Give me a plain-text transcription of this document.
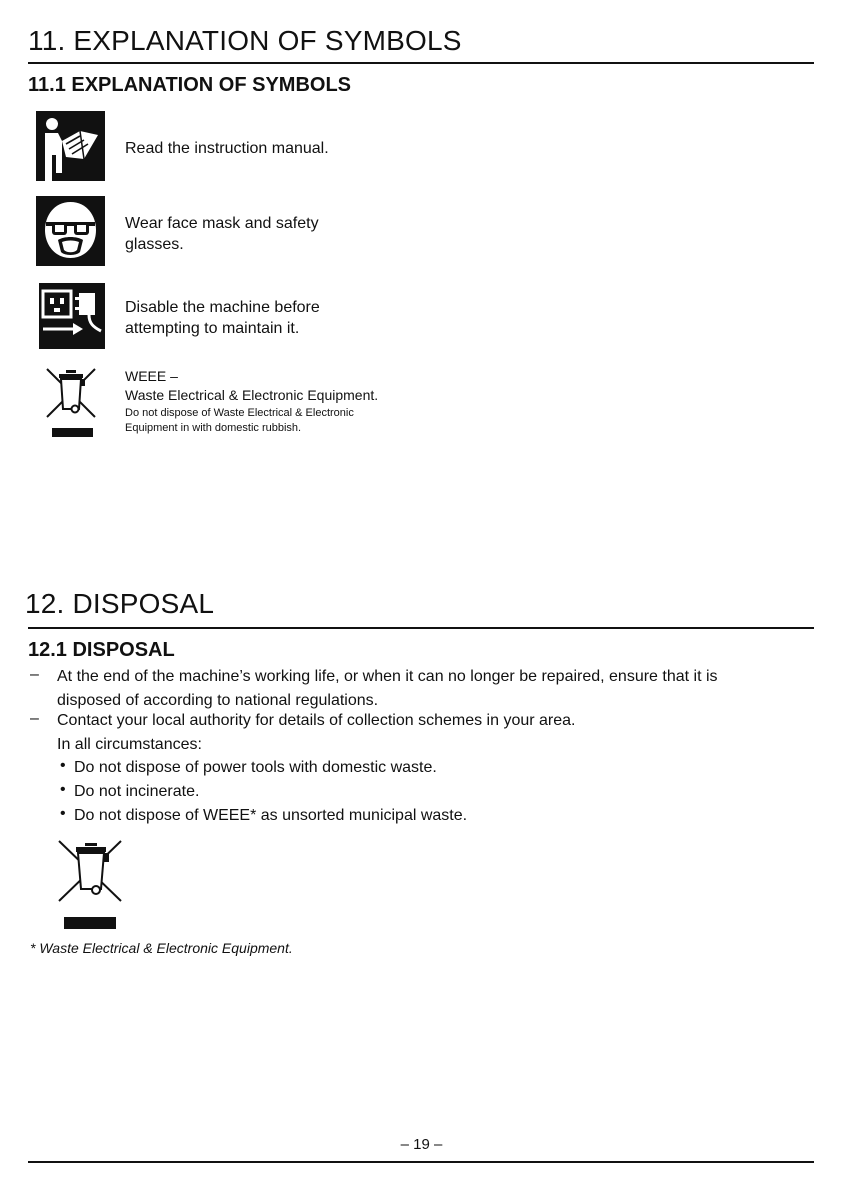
11. EXPLANATION OF SYMBOLS
11.1 EXPLANATION OF SYMBOLS
Read the instruction manual.
Wear face mask and safety
glasses.
Disable the machine before
attempting to maintain it.
WEEE –
Waste Electrical & Electronic Equipment.
Do not dispose of Waste Electrical & Electronic
Equipment in with domestic rubbish.
12. DISPOSAL
12.1 DISPOSAL
– At the end of the machine’s working life, or when it can no longer be repaired, ensure that it is
disposed of according to national regulations.
– Contact your local authority for details of collection schemes in your area.
In all circumstances:
• Do not dispose of power tools with domestic waste.
• Do not incinerate.
• Do not dispose of WEEE* as unsorted municipal waste.
* Waste Electrical & Electronic Equipment.
– 19 –
